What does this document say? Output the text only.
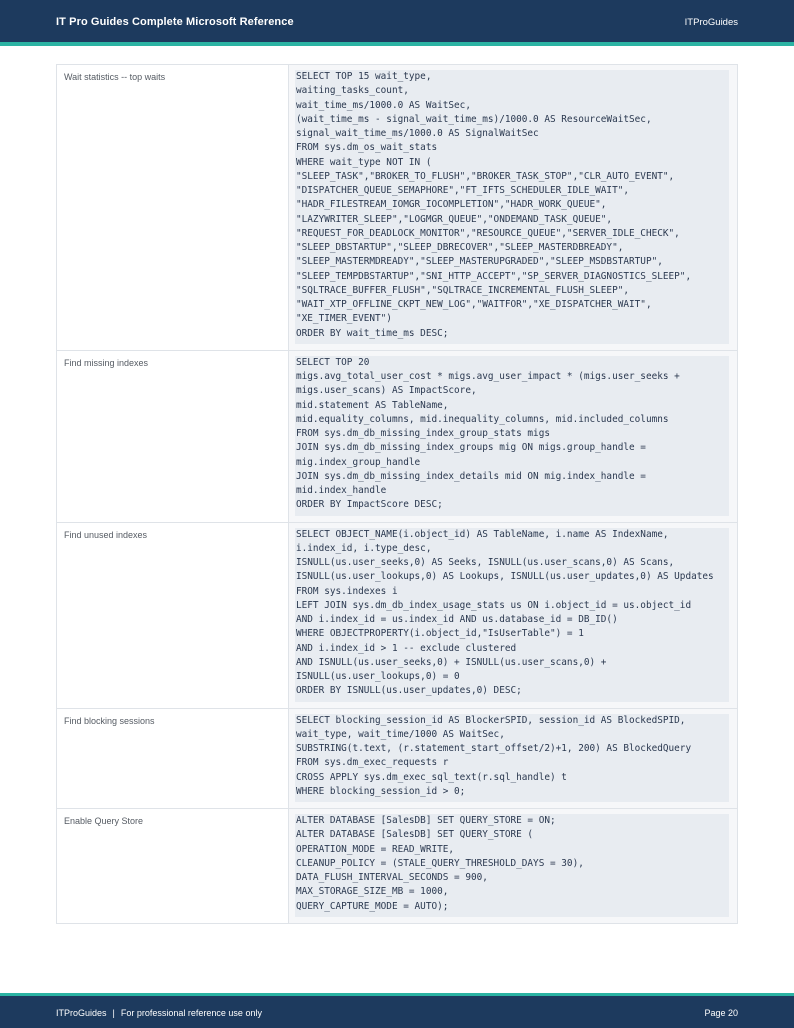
IT Pro Guides Complete Microsoft Reference	ITProGuides
Wait statistics -- top waits	SELECT TOP 15 wait_type,
waiting_tasks_count,
wait_time_ms/1000.0 AS WaitSec,
(wait_time_ms - signal_wait_time_ms)/1000.0 AS ResourceWaitSec,
signal_wait_time_ms/1000.0 AS SignalWaitSec
FROM sys.dm_os_wait_stats
WHERE wait_type NOT IN (
"SLEEP_TASK","BROKER_TO_FLUSH","BROKER_TASK_STOP","CLR_AUTO_EVENT",
"DISPATCHER_QUEUE_SEMAPHORE","FT_IFTS_SCHEDULER_IDLE_WAIT",
"HADR_FILESTREAM_IOMGR_IOCOMPLETION","HADR_WORK_QUEUE",
"LAZYWRITER_SLEEP","LOGMGR_QUEUE","ONDEMAND_TASK_QUEUE",
"REQUEST_FOR_DEADLOCK_MONITOR","RESOURCE_QUEUE","SERVER_IDLE_CHECK",
"SLEEP_DBSTARTUP","SLEEP_DBRECOVER","SLEEP_MASTERDBREADY",
"SLEEP_MASTERMDREADY","SLEEP_MASTERUPGRADED","SLEEP_MSDBSTARTUP",
"SLEEP_TEMPDBSTARTUP","SNI_HTTP_ACCEPT","SP_SERVER_DIAGNOSTICS_SLEEP",
"SQLTRACE_BUFFER_FLUSH","SQLTRACE_INCREMENTAL_FLUSH_SLEEP",
"WAIT_XTP_OFFLINE_CKPT_NEW_LOG","WAITFOR","XE_DISPATCHER_WAIT",
"XE_TIMER_EVENT")
ORDER BY wait_time_ms DESC;
Find missing indexes	SELECT TOP 20
migs.avg_total_user_cost * migs.avg_user_impact * (migs.user_seeks +
migs.user_scans) AS ImpactScore,
mid.statement AS TableName,
mid.equality_columns, mid.inequality_columns, mid.included_columns
FROM sys.dm_db_missing_index_group_stats migs
JOIN sys.dm_db_missing_index_groups mig ON migs.group_handle =
mig.index_group_handle
JOIN sys.dm_db_missing_index_details mid ON mig.index_handle =
mid.index_handle
ORDER BY ImpactScore DESC;
Find unused indexes	SELECT OBJECT_NAME(i.object_id) AS TableName, i.name AS IndexName,
i.index_id, i.type_desc,
ISNULL(us.user_seeks,0) AS Seeks, ISNULL(us.user_scans,0) AS Scans,
ISNULL(us.user_lookups,0) AS Lookups, ISNULL(us.user_updates,0) AS Updates
FROM sys.indexes i
LEFT JOIN sys.dm_db_index_usage_stats us ON i.object_id = us.object_id
AND i.index_id = us.index_id AND us.database_id = DB_ID()
WHERE OBJECTPROPERTY(i.object_id,"IsUserTable") = 1
AND i.index_id > 1 -- exclude clustered
AND ISNULL(us.user_seeks,0) + ISNULL(us.user_scans,0) +
ISNULL(us.user_lookups,0) = 0
ORDER BY ISNULL(us.user_updates,0) DESC;
Find blocking sessions	SELECT blocking_session_id AS BlockerSPID, session_id AS BlockedSPID,
wait_type, wait_time/1000 AS WaitSec,
SUBSTRING(t.text, (r.statement_start_offset/2)+1, 200) AS BlockedQuery
FROM sys.dm_exec_requests r
CROSS APPLY sys.dm_exec_sql_text(r.sql_handle) t
WHERE blocking_session_id > 0;
Enable Query Store	ALTER DATABASE [SalesDB] SET QUERY_STORE = ON;
ALTER DATABASE [SalesDB] SET QUERY_STORE (
OPERATION_MODE = READ_WRITE,
CLEANUP_POLICY = (STALE_QUERY_THRESHOLD_DAYS = 30),
DATA_FLUSH_INTERVAL_SECONDS = 900,
MAX_STORAGE_SIZE_MB = 1000,
QUERY_CAPTURE_MODE = AUTO);
ITProGuides | For professional reference use only	Page 20
